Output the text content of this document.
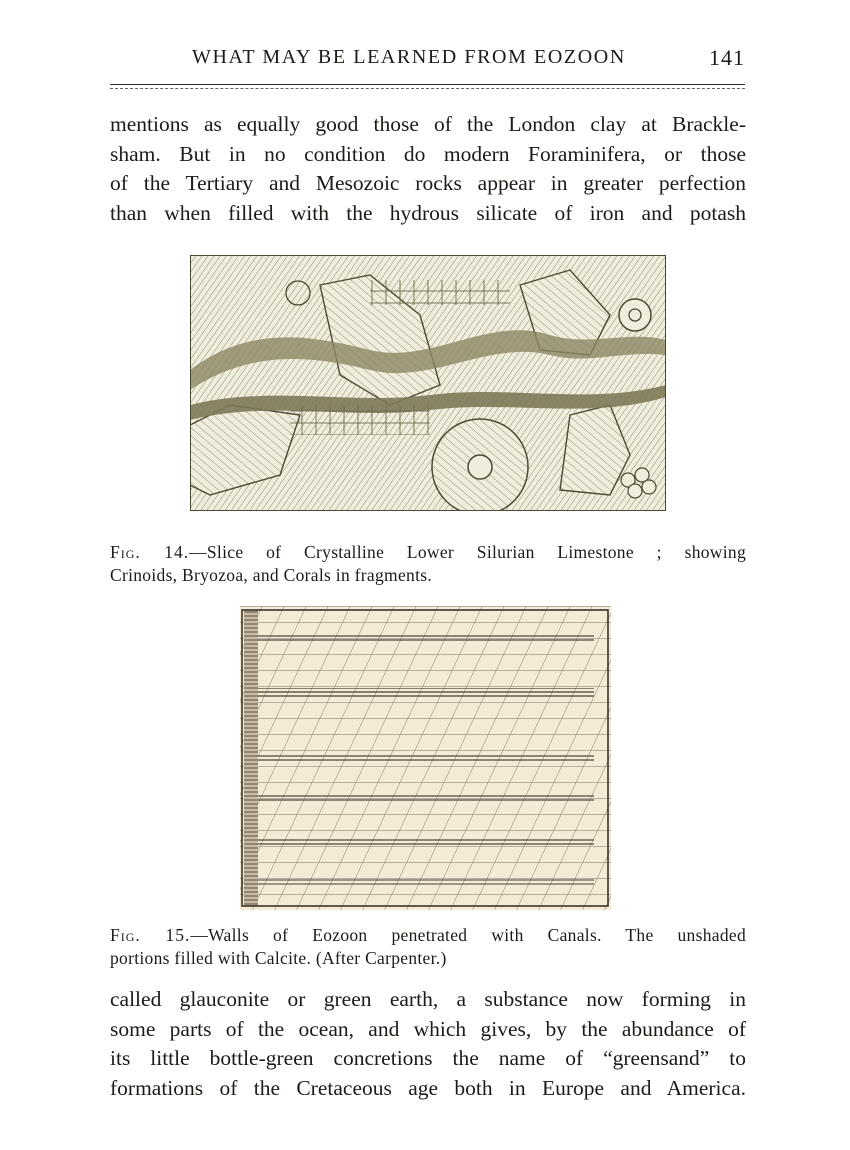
WHAT MAY BE LEARNED FROM EOZOON	141

mentions as equally good those of the London clay at Brackle-
sham. But in no condition do modern Foraminifera, or those
of the Tertiary and Mesozoic rocks appear in greater perfection
than when filled with the hydrous silicate of iron and potash

Fig. 14.—Slice of Crystalline Lower Silurian Limestone ; showing
Crinoids, Bryozoa, and Corals in fragments.

Fig. 15.—Walls of Eozoon penetrated with Canals. The unshaded
portions filled with Calcite. (After Carpenter.)

called glauconite or green earth, a substance now forming in
some parts of the ocean, and which gives, by the abundance of
its little bottle-green concretions the name of “greensand” to
formations of the Cretaceous age both in Europe and America.
